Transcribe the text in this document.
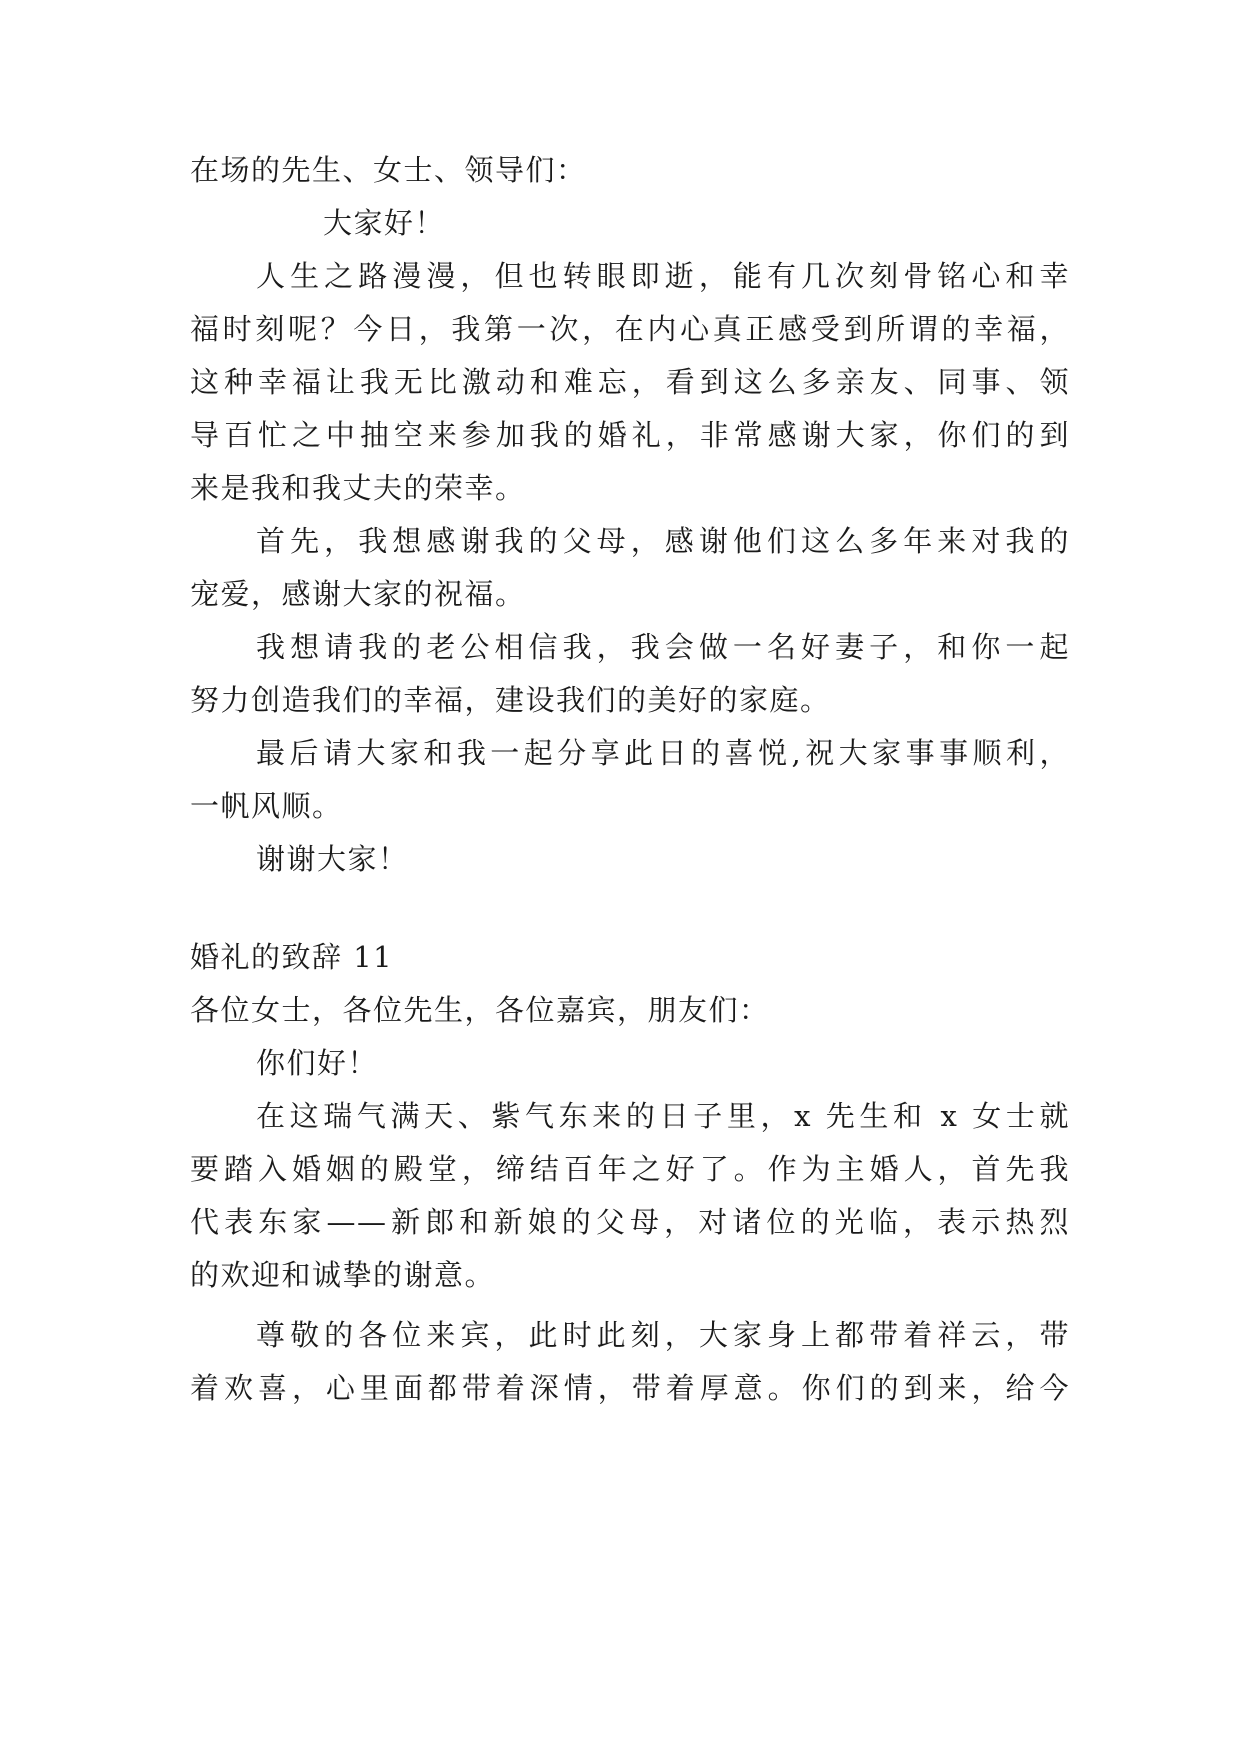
在场的先生、女士、领导们：
大家好！
人生之路漫漫，但也转眼即逝，能有几次刻骨铭心和幸
福时刻呢？今日，我第一次，在内心真正感受到所谓的幸福，
这种幸福让我无比激动和难忘，看到这么多亲友、同事、领
导百忙之中抽空来参加我的婚礼，非常感谢大家，你们的到
来是我和我丈夫的荣幸。
首先，我想感谢我的父母，感谢他们这么多年来对我的
宠爱，感谢大家的祝福。
我想请我的老公相信我，我会做一名好妻子，和你一起
努力创造我们的幸福，建设我们的美好的家庭。
最后请大家和我一起分享此日的喜悦,祝大家事事顺利，
一帆风顺。
谢谢大家！
婚礼的致辞 11
各位女士，各位先生，各位嘉宾，朋友们：
你们好！
在这瑞气满天、紫气东来的日子里，x 先生和 x 女士就
要踏入婚姻的殿堂，缔结百年之好了。作为主婚人，首先我
代表东家——新郎和新娘的父母，对诸位的光临，表示热烈
的欢迎和诚挚的谢意。
尊敬的各位来宾，此时此刻，大家身上都带着祥云，带
着欢喜，心里面都带着深情，带着厚意。你们的到来，给今
